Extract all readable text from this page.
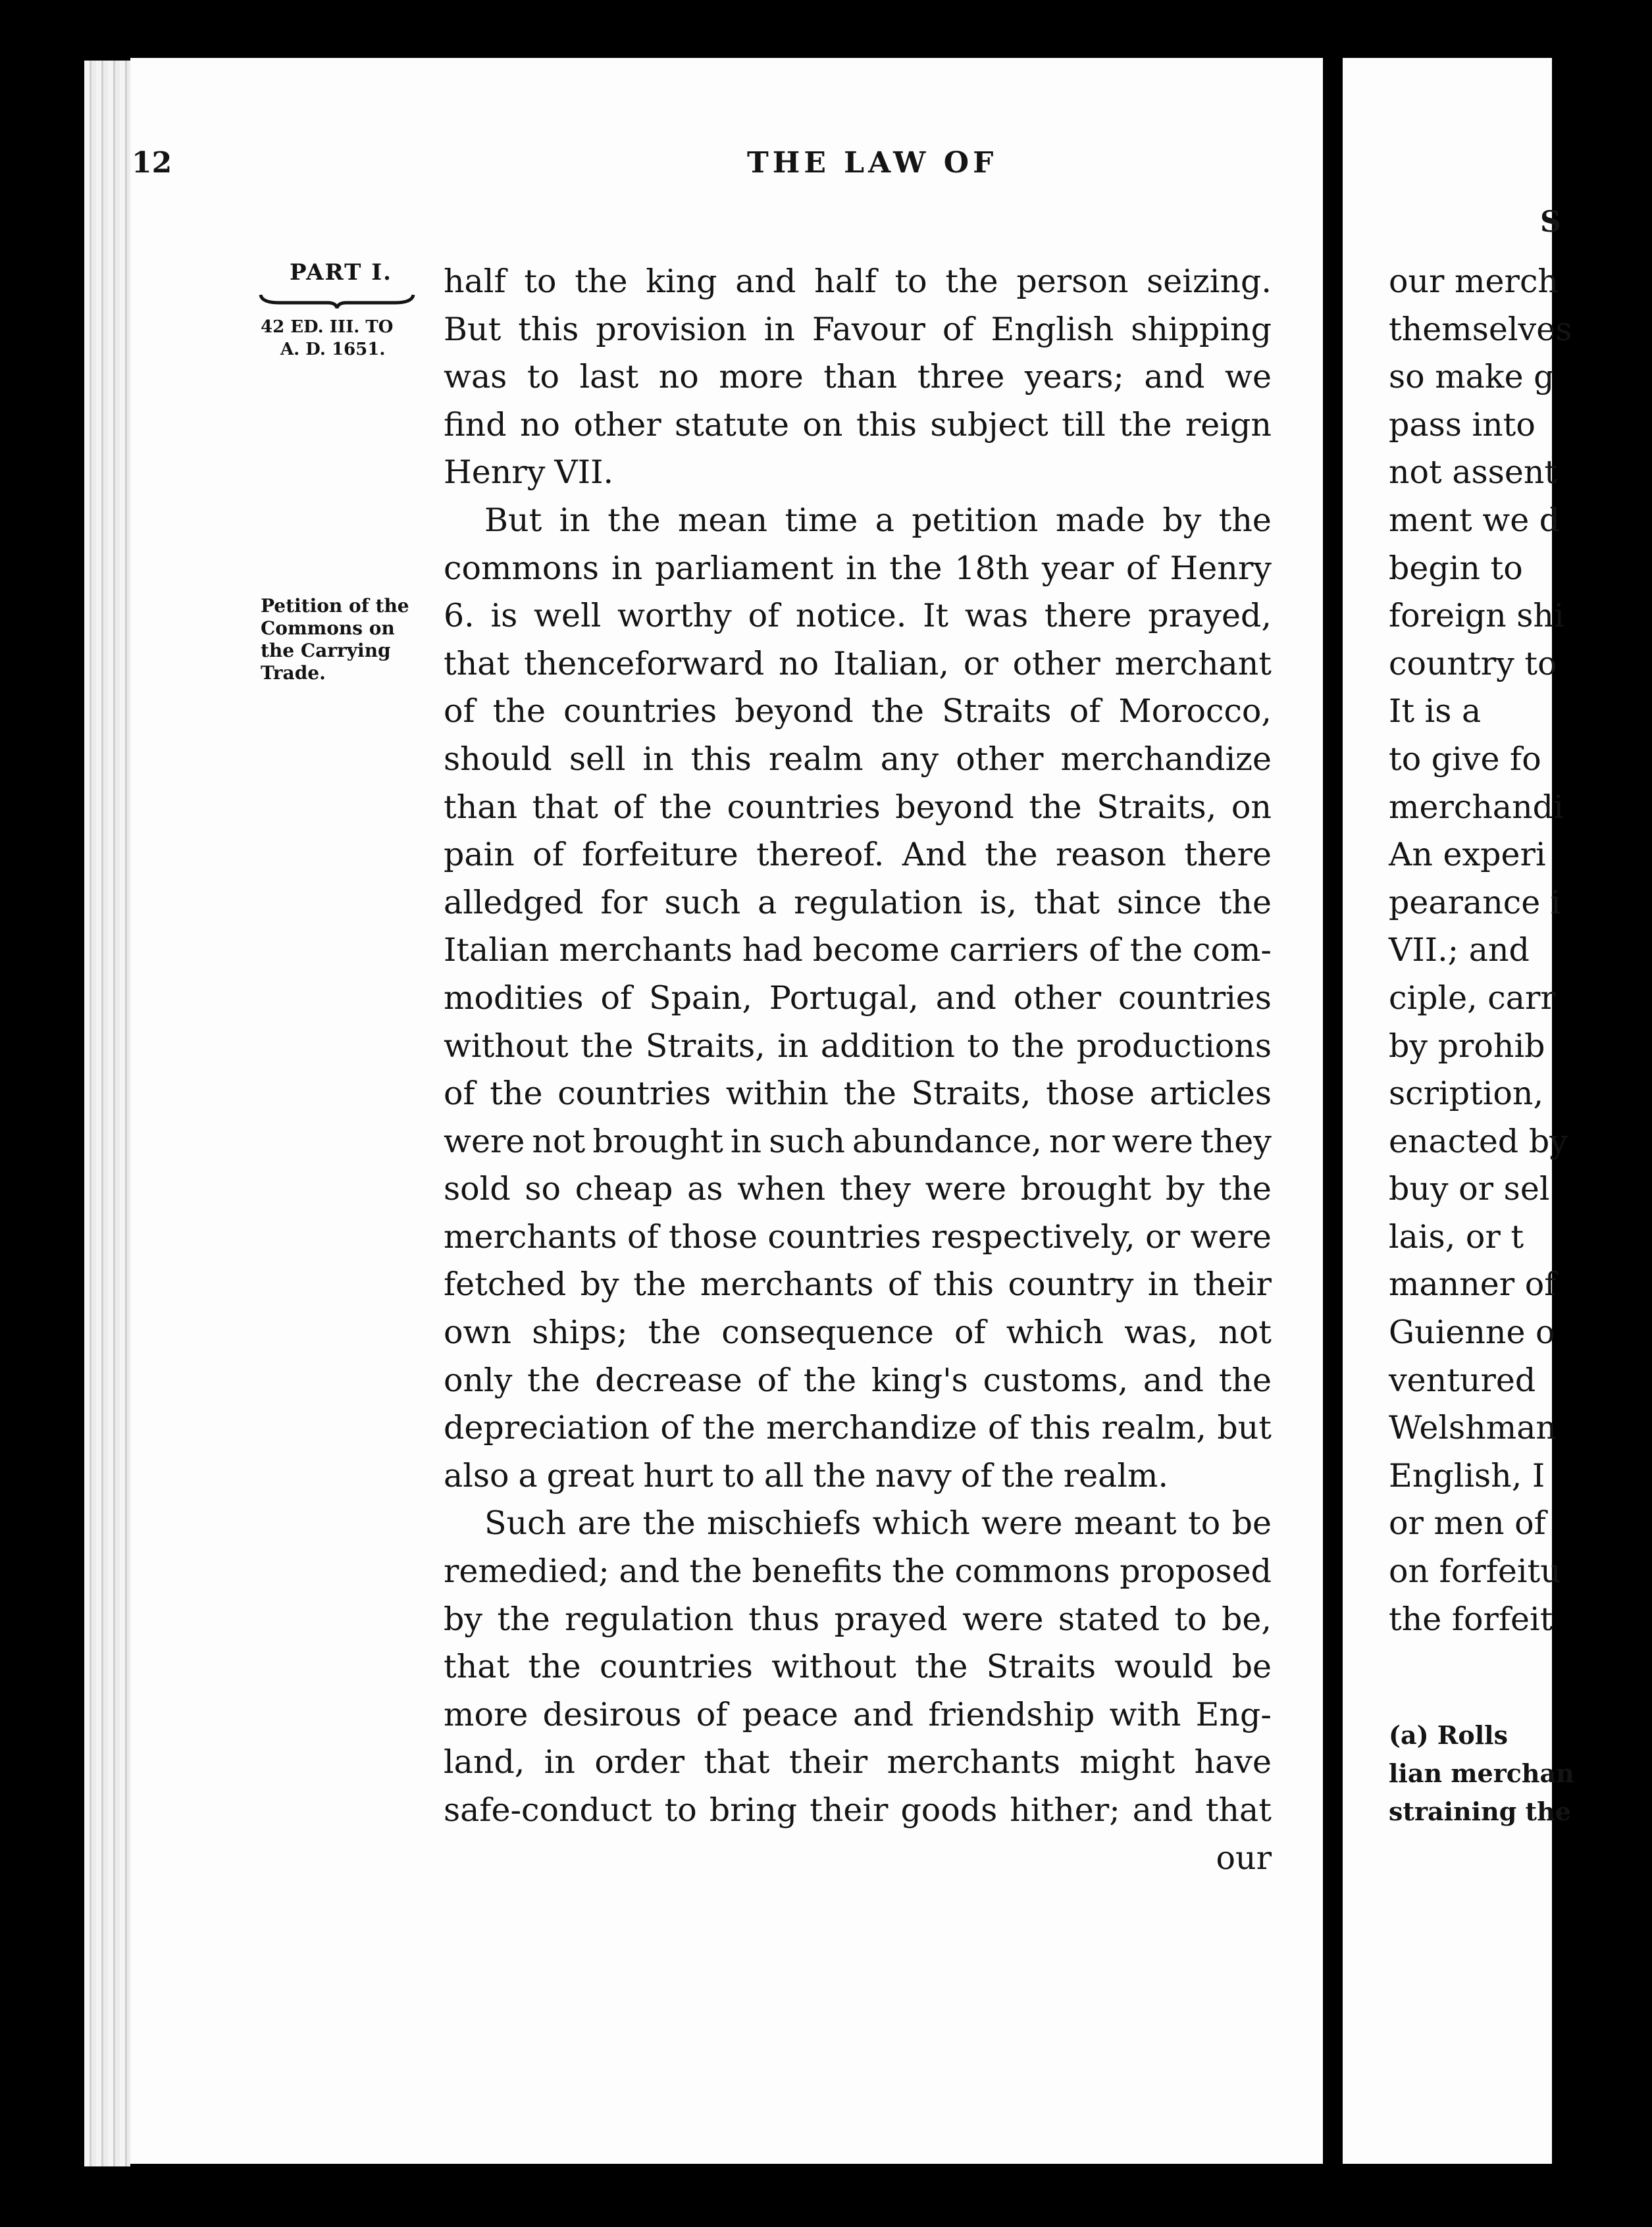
12	THE LAW OF
PART I.
42 ED. III. TO
A. D. 1651.
Petition of the
Commons on
the Carrying
Trade.
half to the king and half to the person seizing.
But this provision in Favour of English shipping
was to last no more than three years; and we
find no other statute on this subject till the reign
Henry VII.
But in the mean time a petition made by the
commons in parliament in the 18th year of Henry
6. is well worthy of notice. It was there prayed,
that thenceforward no Italian, or other merchant
of the countries beyond the Straits of Morocco,
should sell in this realm any other merchandize
than that of the countries beyond the Straits, on
pain of forfeiture thereof. And the reason there
alledged for such a regulation is, that since the
Italian merchants had become carriers of the com-
modities of Spain, Portugal, and other countries
without the Straits, in addition to the productions
of the countries within the Straits, those articles
were not brought in such abundance, nor were they
sold so cheap as when they were brought by the
merchants of those countries respectively, or were
fetched by the merchants of this country in their
own ships; the consequence of which was, not
only the decrease of the king's customs, and the
depreciation of the merchandize of this realm, but
also a great hurt to all the navy of the realm.
Such are the mischiefs which were meant to be
remedied; and the benefits the commons proposed
by the regulation thus prayed were stated to be,
that the countries without the Straits would be
more desirous of peace and friendship with Eng-
land, in order that their merchants might have
safe-conduct to bring their goods hither; and that
our
S
our merch
themselves
so make g
pass into
not assent
ment we d
begin to
foreign shi
country to
It is a
to give fo
merchandi
An experi
pearance i
VII.; and
ciple, carr
by prohib
scription,
enacted by
buy or sel
lais, or t
manner of
Guienne o
ventured
Welshman
English, I
or men of
on forfeitu
the forfeit
(a) Rolls
lian merchan
straining the
